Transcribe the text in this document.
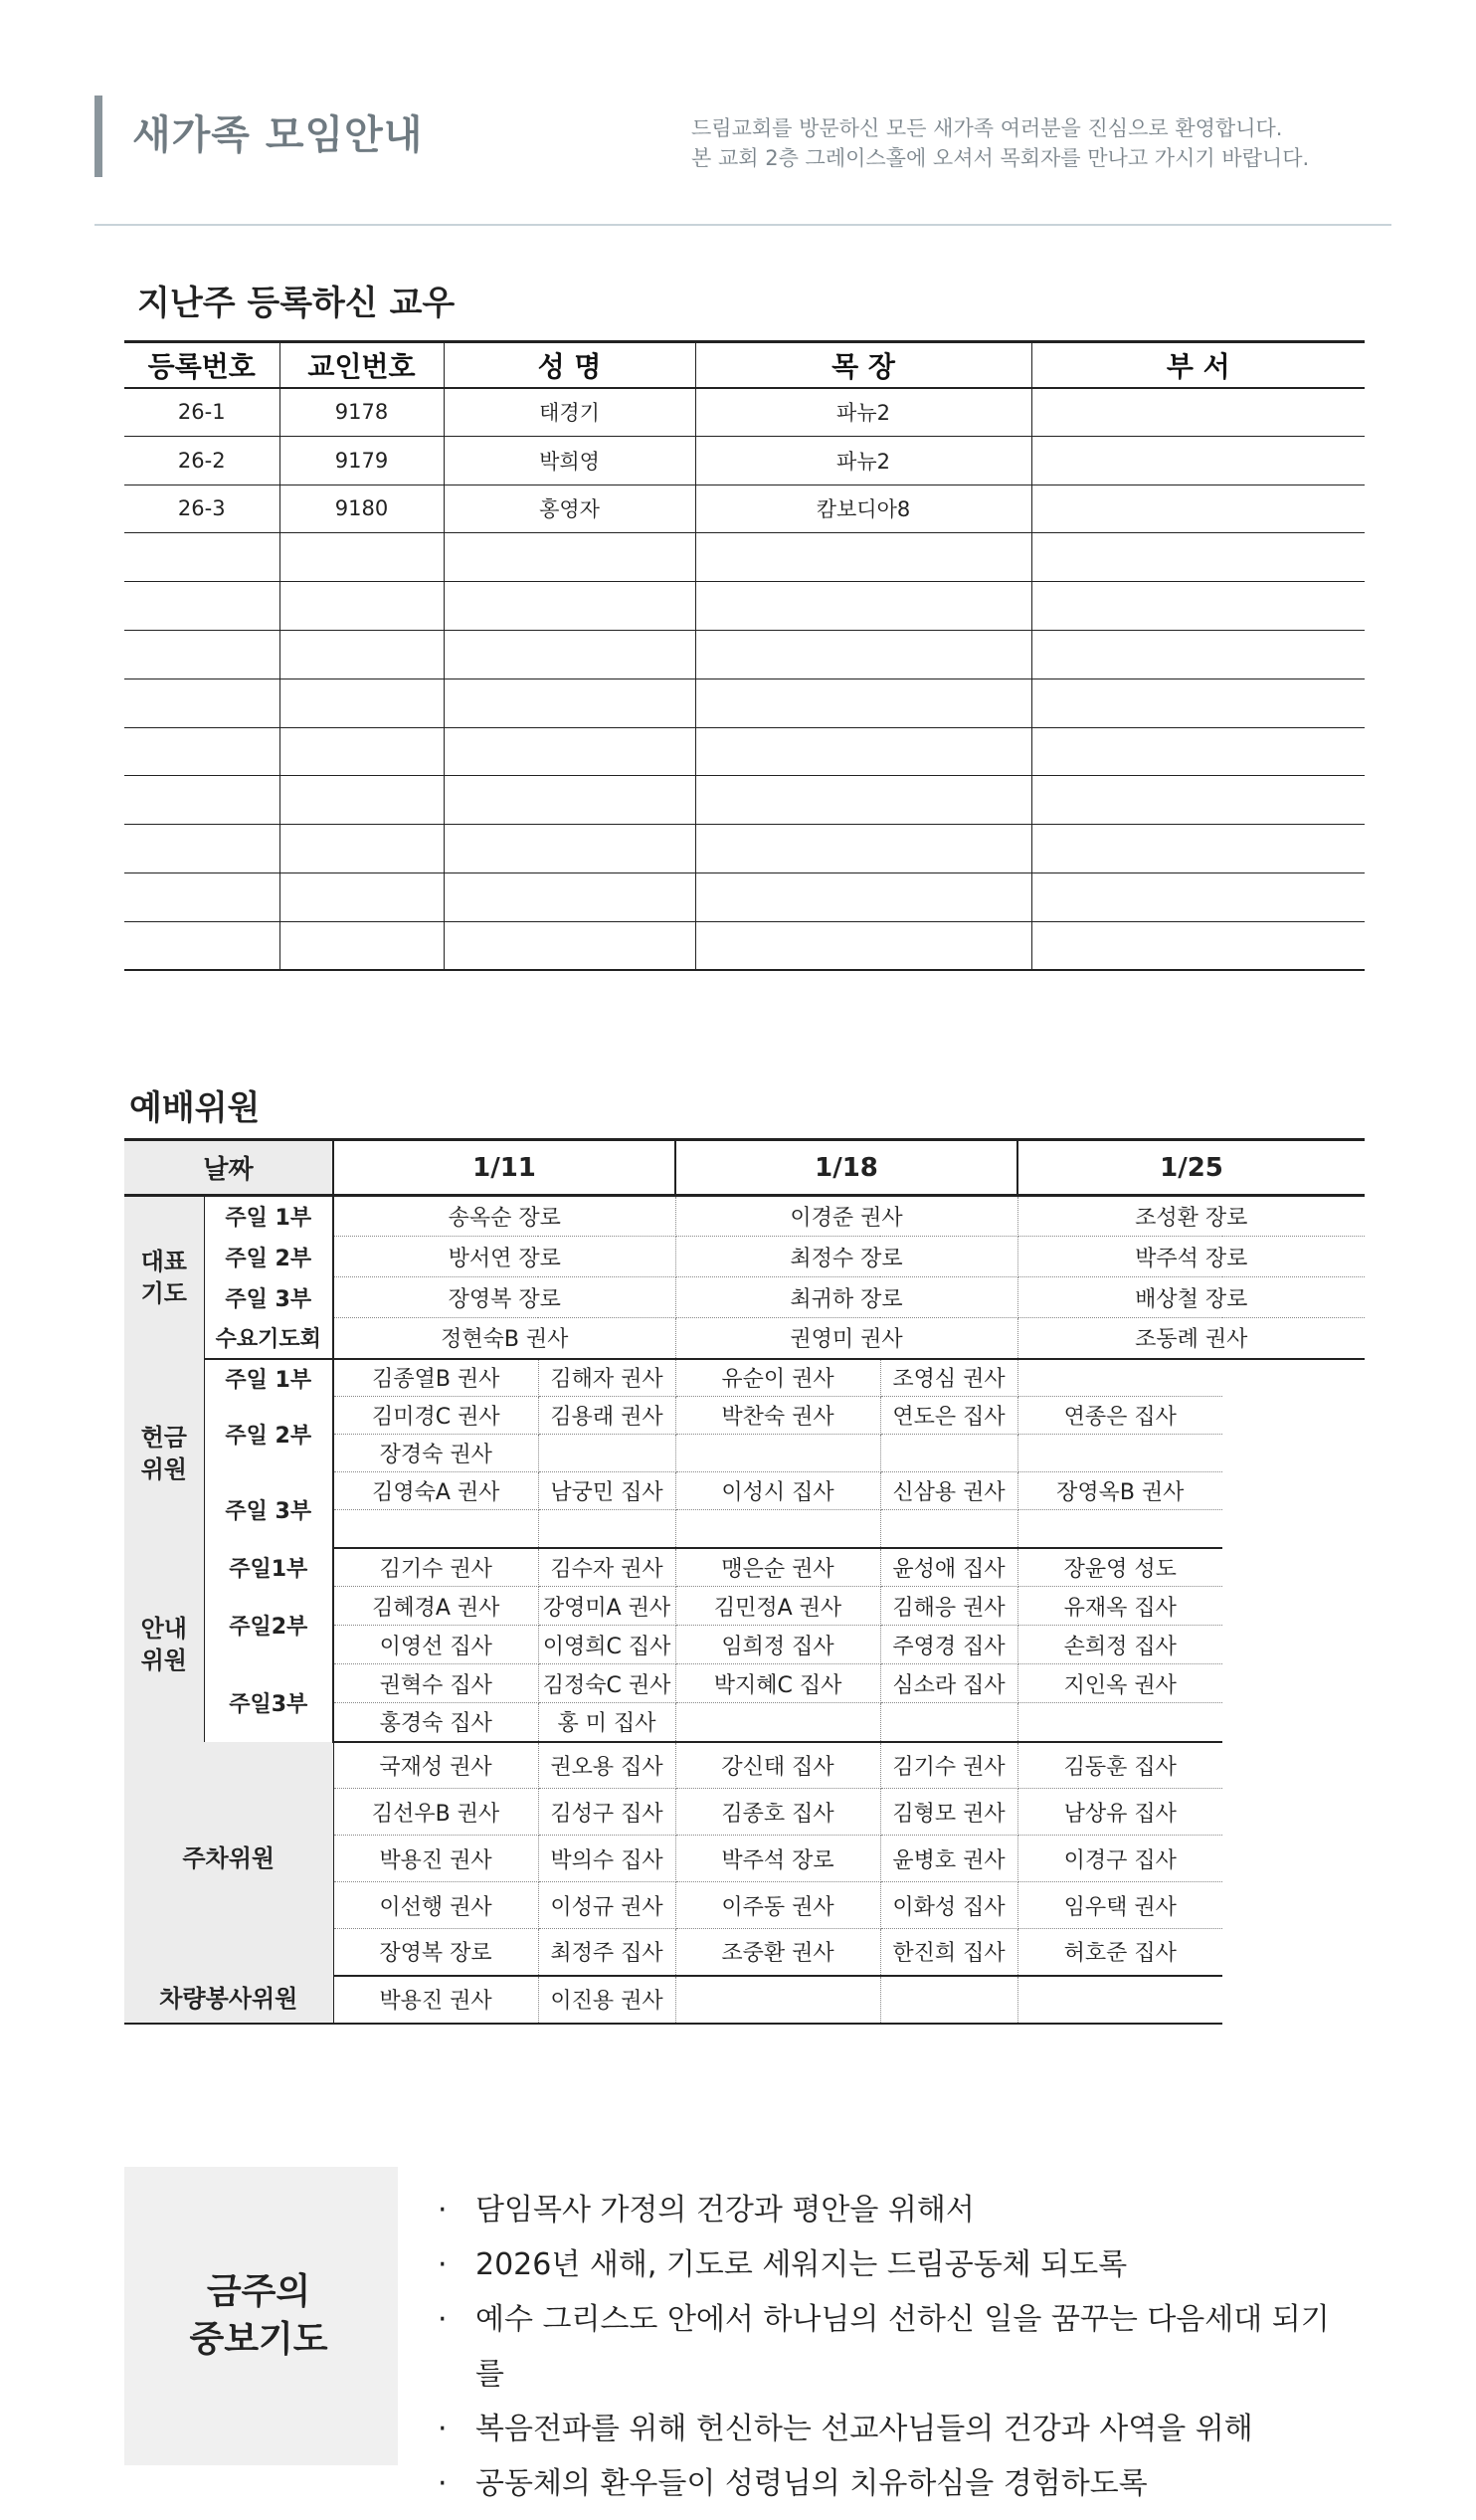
새가족 모임안내	드림교회를 방문하신 모든 새가족 여러분을 진심으로 환영합니다.
본 교회 2층 그레이스홀에 오셔서 목회자를 만나고 가시기 바랍니다.
지난주 등록하신 교우
등록번호	교인번호	성 명	목 장	부 서
26-1	9178	태경기	파뉴2	
26-2	9179	박희영	파뉴2	
26-3	9180	홍영자	캄보디아8	

예배위원
날짜		1/11		1/18		1/25
대표
기도	주일 1부	송옥순 장로		이경준 권사		조성환 장로
	주일 2부	방서연 장로		최정수 장로		박주석 장로
	주일 3부	장영복 장로		최귀하 장로		배상철 장로
	수요기도회	정현숙B 권사		권영미 권사		조동례 권사
헌금
위원	주일 1부	김종열B 권사	김해자 권사	유순이 권사	조영심 권사	
	주일 2부	김미경C 권사	김용래 권사	박찬숙 권사	연도은 집사	연종은 집사
		장경숙 권사				
	주일 3부	김영숙A 권사	남궁민 집사	이성시 집사	신삼용 권사	장영옥B 권사

안내
위원	주일1부	김기수 권사	김수자 권사	맹은순 권사	윤성애 집사	장윤영 성도
	주일2부	김혜경A 권사	강영미A 권사	김민정A 권사	김해응 권사	유재옥 집사
		이영선 집사	이영희C 집사	임희정 집사	주영경 집사	손희정 집사
	주일3부	권혁수 집사	김정숙C 권사	박지혜C 집사	심소라 집사	지인옥 권사
		홍경숙 집사	홍 미 집사			
주차위원		국재성 권사	권오용 집사	강신태 집사	김기수 권사	김동훈 집사
		김선우B 권사	김성구 집사	김종호 집사	김형모 권사	남상유 집사
		박용진 권사	박의수 집사	박주석 장로	윤병호 권사	이경구 집사
		이선행 권사	이성규 권사	이주동 권사	이화성 집사	임우택 권사
		장영복 장로	최정주 집사	조중환 권사	한진희 집사	허호준 집사
차량봉사위원		박용진 권사	이진용 권사			
금주의
중보기도
· 담임목사 가정의 건강과 평안을 위해서
· 2026년 새해, 기도로 세워지는 드림공동체 되도록
· 예수 그리스도 안에서 하나님의 선하신 일을 꿈꾸는 다음세대 되기를
· 복음전파를 위해 헌신하는 선교사님들의 건강과 사역을 위해
· 공동체의 환우들이 성령님의 치유하심을 경험하도록
